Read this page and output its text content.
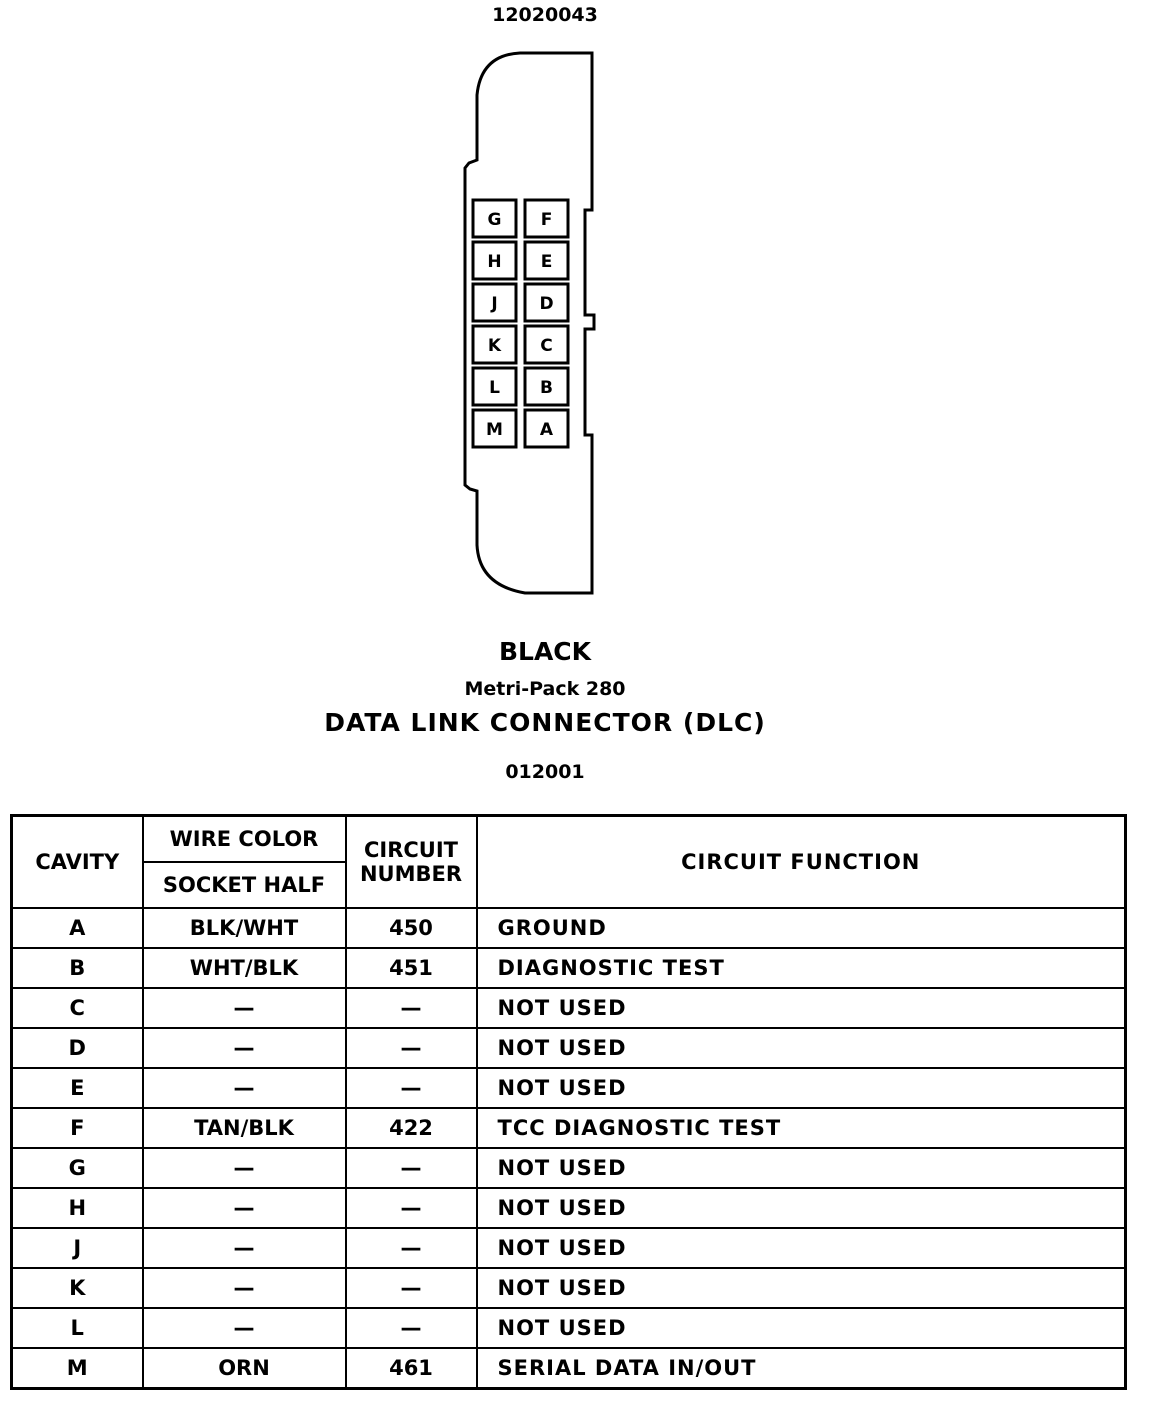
12020043
G
H
J
K
L
M
F
E
D
C
B
A
BLACK
Metri-Pack 280
DATA LINK CONNECTOR (DLC)
012001
CAVITY	WIRE COLOR	CIRCUIT NUMBER	CIRCUIT FUNCTION
	SOCKET HALF		
A	BLK/WHT	450	GROUND
B	WHT/BLK	451	DIAGNOSTIC TEST
C	—	—	NOT USED
D	—	—	NOT USED
E	—	—	NOT USED
F	TAN/BLK	422	TCC DIAGNOSTIC TEST
G	—	—	NOT USED
H	—	—	NOT USED
J	—	—	NOT USED
K	—	—	NOT USED
L	—	—	NOT USED
M	ORN	461	SERIAL DATA IN/OUT
